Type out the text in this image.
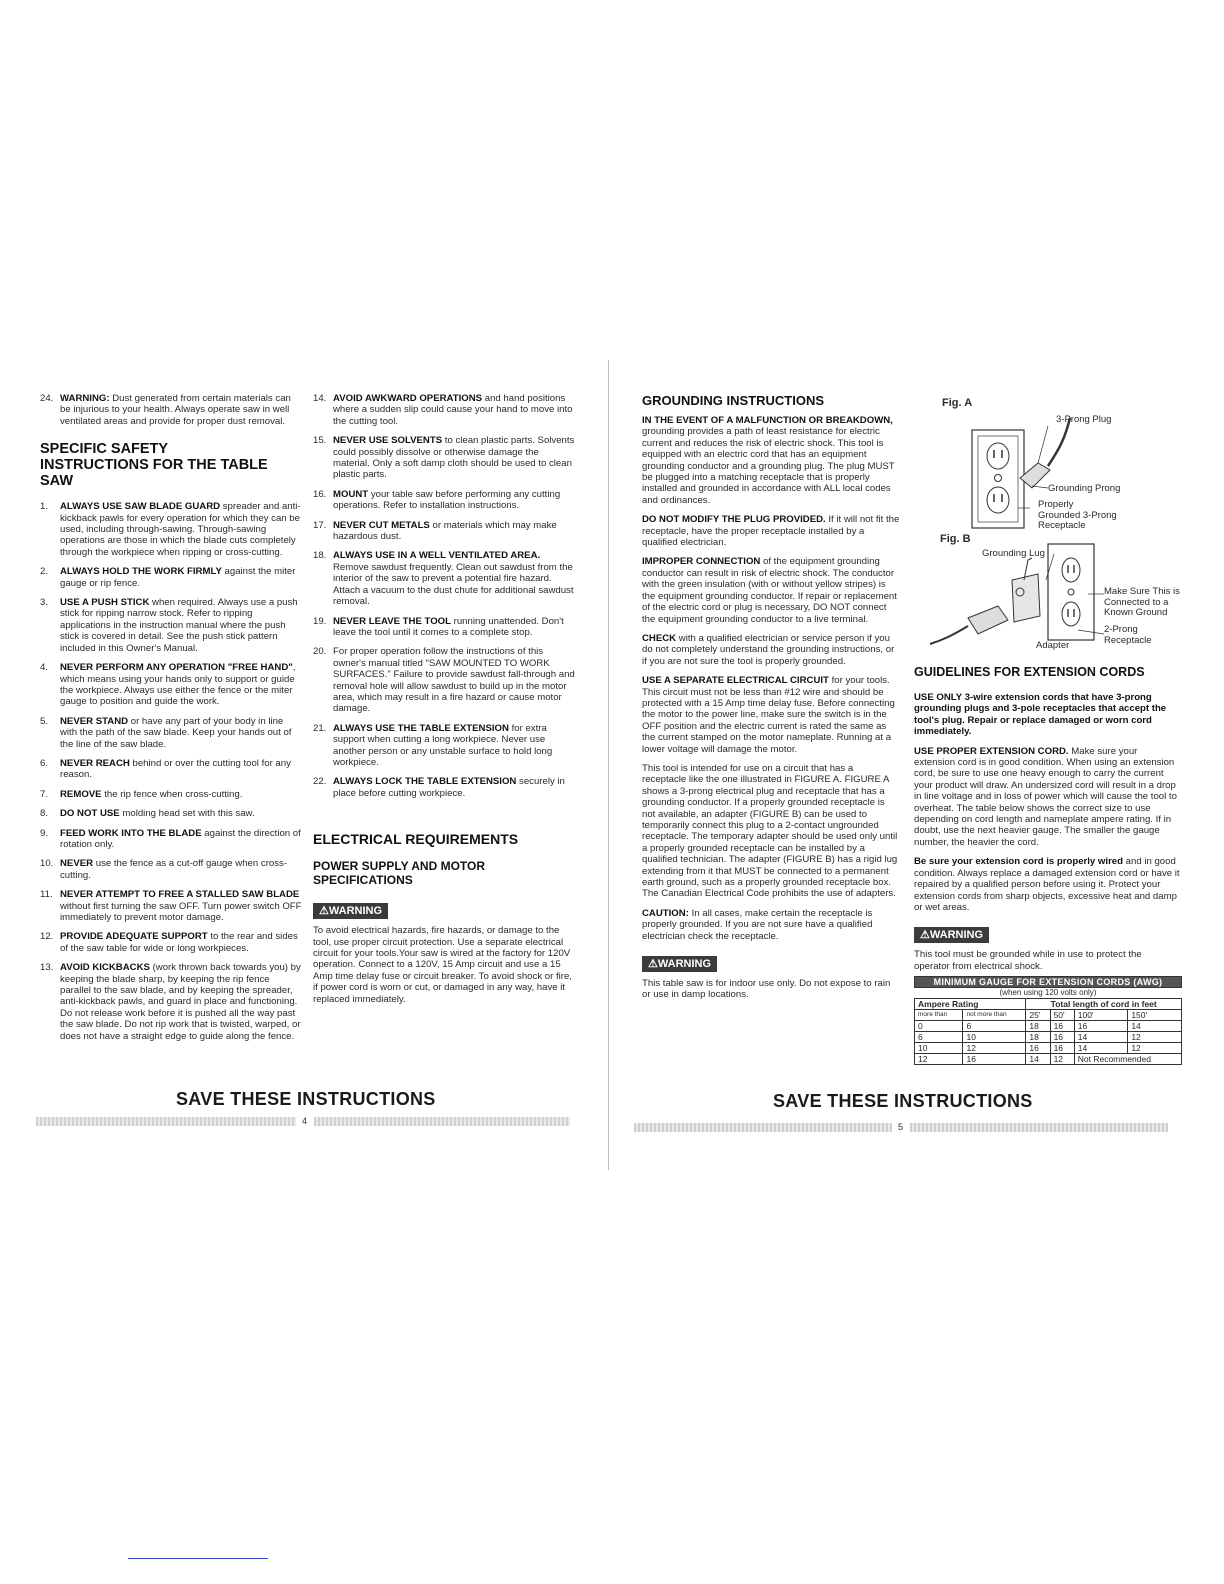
24. WARNING: Dust generated from certain materials can be injurious to your health. Always operate saw in well ventilated areas and provide for proper dust removal.
SPECIFIC SAFETY INSTRUCTIONS FOR THE TABLE SAW
1. ALWAYS USE SAW BLADE GUARD spreader and anti-kickback pawls for every operation for which they can be used, including through-sawing. Through-sawing operations are those in which the blade cuts completely through the workpiece when ripping or cross-cutting.
2. ALWAYS HOLD THE WORK FIRMLY against the miter gauge or rip fence.
3. USE A PUSH STICK when required. Always use a push stick for ripping narrow stock. Refer to ripping applications in the instruction manual where the push stick is covered in detail. See the push stick pattern included in this Owner's Manual.
4. NEVER PERFORM ANY OPERATION "FREE HAND", which means using your hands only to support or guide the workpiece. Always use either the fence or the miter gauge to position and guide the work.
5. NEVER STAND or have any part of your body in line with the path of the saw blade. Keep your hands out of the line of the saw blade.
6. NEVER REACH behind or over the cutting tool for any reason.
7. REMOVE the rip fence when cross-cutting.
8. DO NOT USE molding head set with this saw.
9. FEED WORK INTO THE BLADE against the direction of rotation only.
10. NEVER use the fence as a cut-off gauge when cross-cutting.
11. NEVER ATTEMPT TO FREE A STALLED SAW BLADE without first turning the saw OFF. Turn power switch OFF immediately to prevent motor damage.
12. PROVIDE ADEQUATE SUPPORT to the rear and sides of the saw table for wide or long workpieces.
13. AVOID KICKBACKS (work thrown back towards you) by keeping the blade sharp, by keeping the rip fence parallel to the saw blade, and by keeping the spreader, anti-kickback pawls, and guard in place and functioning. Do not release work before it is pushed all the way past the saw blade. Do not rip work that is twisted, warped, or does not have a straight edge to guide along the fence.
14. AVOID AWKWARD OPERATIONS and hand positions where a sudden slip could cause your hand to move into the cutting tool.
15. NEVER USE SOLVENTS to clean plastic parts. Solvents could possibly dissolve or otherwise damage the material. Only a soft damp cloth should be used to clean plastic parts.
16. MOUNT your table saw before performing any cutting operations. Refer to installation instructions.
17. NEVER CUT METALS or materials which may make hazardous dust.
18. ALWAYS USE IN A WELL VENTILATED AREA. Remove sawdust frequently. Clean out sawdust from the interior of the saw to prevent a potential fire hazard. Attach a vacuum to the dust chute for additional sawdust removal.
19. NEVER LEAVE THE TOOL running unattended. Don't leave the tool until it comes to a complete stop.
20. For proper operation follow the instructions of this owner's manual titled "SAW MOUNTED TO WORK SURFACES." Failure to provide sawdust fall-through and removal hole will allow sawdust to build up in the motor area, which may result in a fire hazard or cause motor damage.
21. ALWAYS USE THE TABLE EXTENSION for extra support when cutting a long workpiece. Never use another person or any unstable surface to hold long workpiece.
22. ALWAYS LOCK THE TABLE EXTENSION securely in place before cutting workpiece.
ELECTRICAL REQUIREMENTS
POWER SUPPLY AND MOTOR SPECIFICATIONS
⚠WARNING
To avoid electrical hazards, fire hazards, or damage to the tool, use proper circuit protection. Use a separate electrical circuit for your tools.Your saw is wired at the factory for 120V operation. Connect to a 120V, 15 Amp circuit and use a 15 Amp time delay fuse or circuit breaker. To avoid shock or fire, if power cord is worn or cut, or damaged in any way, have it replaced immediately.
SAVE THESE INSTRUCTIONS
4
GROUNDING INSTRUCTIONS
IN THE EVENT OF A MALFUNCTION OR BREAKDOWN, grounding provides a path of least resistance for electric current and reduces the risk of electric shock. This tool is equipped with an electric cord that has an equipment grounding conductor and a grounding plug. The plug MUST be plugged into a matching receptacle that is properly installed and grounded in accordance with ALL local codes and ordinances.
DO NOT MODIFY THE PLUG PROVIDED. If it will not fit the receptacle, have the proper receptacle installed by a qualified electrician.
IMPROPER CONNECTION of the equipment grounding conductor can result in risk of electric shock. The conductor with the green insulation (with or without yellow stripes) is the equipment grounding conductor. If repair or replacement of the electric cord or plug is necessary, DO NOT connect the equipment grounding conductor to a live terminal.
CHECK with a qualified electrician or service person if you do not completely understand the grounding instructions, or if you are not sure the tool is properly grounded.
USE A SEPARATE ELECTRICAL CIRCUIT for your tools. This circuit must not be less than #12 wire and should be protected with a 15 Amp time delay fuse. Before connecting the motor to the power line, make sure the switch is in the OFF position and the electric current is rated the same as the current stamped on the motor nameplate. Running at a lower voltage will damage the motor.
This tool is intended for use on a circuit that has a receptacle like the one illustrated in FIGURE A. FIGURE A shows a 3-prong electrical plug and receptacle that has a grounding conductor. If a properly grounded receptacle is not available, an adapter (FIGURE B) can be used to temporarily connect this plug to a 2-contact ungrounded receptacle. The temporary adapter should be used only until a properly grounded receptacle can be installed by a qualified technician. The adapter (FIGURE B) has a rigid lug extending from it that MUST be connected to a permanent earth ground, such as a properly grounded receptacle box. The Canadian Electrical Code prohibits the use of adapters.
CAUTION: In all cases, make certain the receptacle is properly grounded. If you are not sure have a qualified electrician check the receptacle.
⚠WARNING
This table saw is for indoor use only. Do not expose to rain or use in damp locations.
Fig. A
3-Prong Plug
Grounding Prong
Properly Grounded 3-Prong Receptacle
Fig. B
Grounding Lug
Make Sure This is Connected to a Known Ground
2-Prong Receptacle
Adapter
GUIDELINES FOR EXTENSION CORDS
USE ONLY 3-wire extension cords that have 3-prong grounding plugs and 3-pole receptacles that accept the tool's plug. Repair or replace damaged or worn cord immediately.
USE PROPER EXTENSION CORD. Make sure your extension cord is in good condition. When using an extension cord, be sure to use one heavy enough to carry the current your product will draw. An undersized cord will result in a drop in line voltage and in loss of power which will cause the tool to overheat. The table below shows the correct size to use depending on cord length and nameplate ampere rating. If in doubt, use the next heavier gauge. The smaller the gauge number, the heavier the cord.
Be sure your extension cord is properly wired and in good condition. Always replace a damaged extension cord or have it repaired by a qualified person before using it. Protect your extension cords from sharp objects, excessive heat and damp or wet areas.
⚠WARNING
This tool must be grounded while in use to protect the operator from electrical shock.
MINIMUM GAUGE FOR EXTENSION CORDS (AWG)					
(when using 120 volts only)					
Ampere Rating		Total length of cord in feet			
more than	not more than	25'	50'	100'	150'
0	6	18	16	16	14
6	10	18	16	14	12
10	12	16	16	14	12
12	16	14	12	Not Recommended	
SAVE THESE INSTRUCTIONS
5
